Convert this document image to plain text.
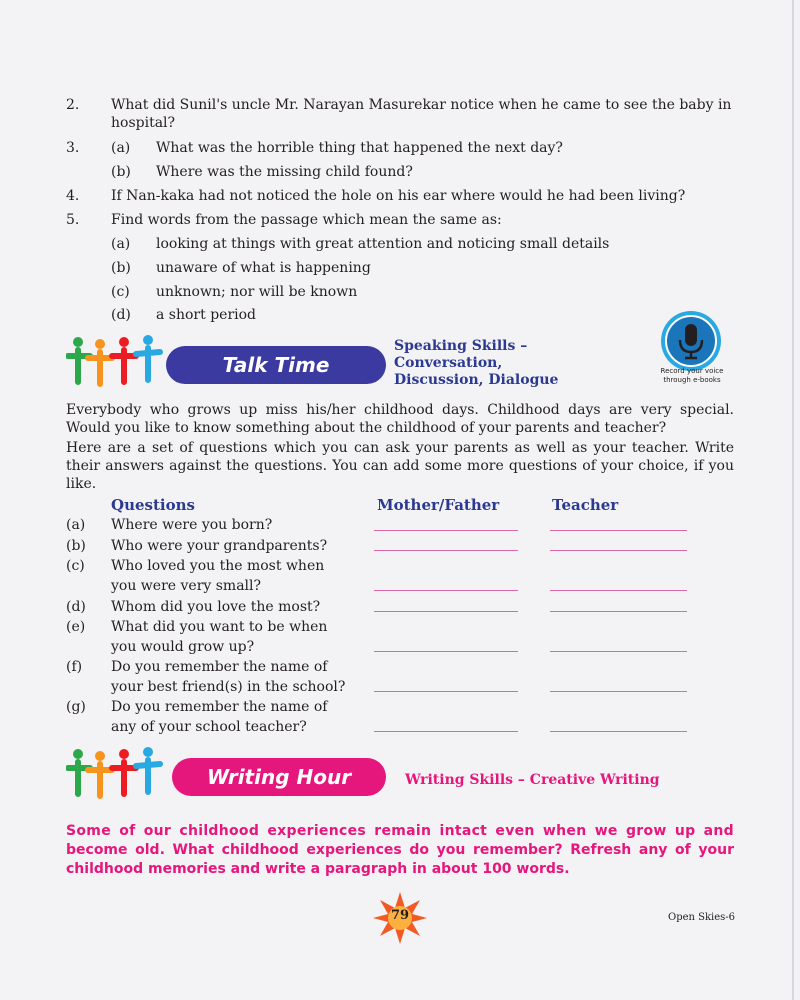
2. What did Sunil's uncle Mr. Narayan Masurekar notice when he came to see the baby in
hospital?
3. (a) What was the horrible thing that happened the next day?
(b) Where was the missing child found?
4. If Nan-kaka had not noticed the hole on his ear where would he had been living?
5. Find words from the passage which mean the same as:
(a) looking at things with great attention and noticing small details
(b) unaware of what is happening
(c) unknown; nor will be known
(d) a short period
Talk Time
Speaking Skills –
Conversation,
Discussion, Dialogue
Record your voice
through e-books
Everybody who grows up miss his/her childhood days. Childhood days are very special. Would you like to know something about the childhood of your parents and teacher?
Here are a set of questions which you can ask your parents as well as your teacher. Write their answers against the questions. You can add some more questions of your choice, if you like.
Questions	Mother/Father	Teacher
(a) Where were you born?
(b) Who were your grandparents?
(c) Who loved you the most when
you were very small?
(d) Whom did you love the most?
(e) What did you want to be when
you would grow up?
(f) Do you remember the name of
your best friend(s) in the school?
(g) Do you remember the name of
any of your school teacher?
Writing Hour	Writing Skills – Creative Writing
Some of our childhood experiences remain intact even when we grow up and
become old. What childhood experiences do you remember? Refresh any of your
childhood memories and write a paragraph in about 100 words.
79	Open Skies-6
